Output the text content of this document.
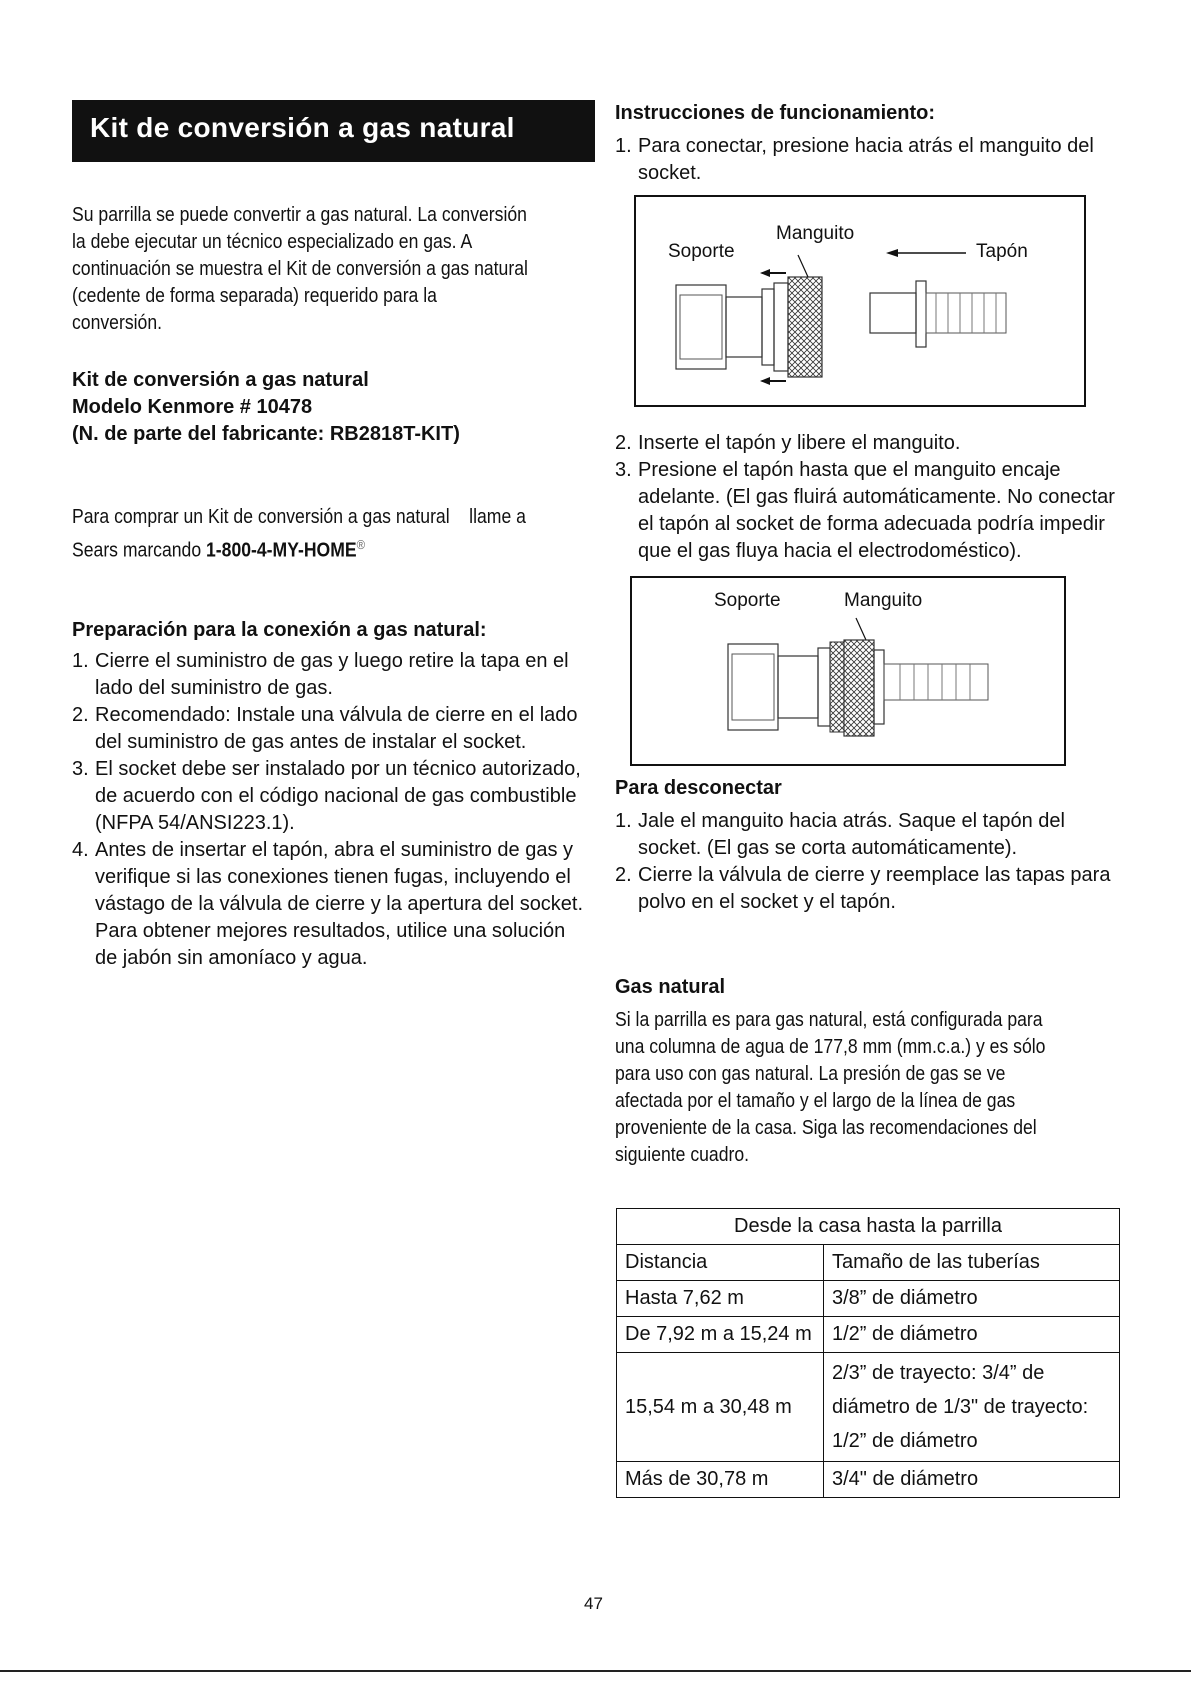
Kit de conversión a gas natural
Su parrilla se puede convertir a gas natural. La conversión la debe ejecutar un técnico especializado en gas. A continuación se muestra el Kit de conversión a gas natural (cedente de forma separada) requerido para la conversión.
Kit de conversión a gas natural
Modelo Kenmore # 10478
(N. de parte del fabricante: RB2818T-KIT)
Para comprar un Kit de conversión a gas natural    llame a Sears marcando 1-800-4-MY-HOME®
Preparación para la conexión a gas natural:
1. Cierre el suministro de gas y luego retire la tapa en el lado del suministro de gas.
2. Recomendado: Instale una válvula de cierre en el lado del suministro de gas antes de instalar el socket.
3. El socket debe ser instalado por un técnico autorizado, de acuerdo con el código nacional de gas combustible (NFPA 54/ANSI223.1).
4. Antes de insertar el tapón, abra el suministro de gas y verifique si las conexiones tienen fugas, incluyendo el vástago de la válvula de cierre y la apertura del socket. Para obtener mejores resultados, utilice una solución de jabón sin amoníaco y agua.
Instrucciones de funcionamiento:
1. Para conectar, presione hacia atrás el manguito del socket.
Soporte
Manguito
Tapón
2. Inserte el tapón y libere el manguito.
3. Presione el tapón hasta que el manguito encaje adelante. (El gas fluirá automáticamente. No conectar el tapón al socket de forma adecuada podría impedir que el gas fluya hacia el electrodoméstico).
Soporte	Manguito
Para desconectar
1. Jale el manguito hacia atrás. Saque el tapón del socket. (El gas se corta automáticamente).
2. Cierre la válvula de cierre y reemplace las tapas para polvo en el socket y el tapón.
Gas natural
Si la parrilla es para gas natural, está configurada para una columna de agua de 177,8 mm (mm.c.a.) y es sólo para uso con gas natural. La presión de gas se ve afectada por el tamaño y el largo de la línea de gas proveniente de la casa. Siga las recomendaciones del siguiente cuadro.
Desde la casa hasta la parrilla	
Distancia	Tamaño de las tuberías
Hasta 7,62 m	3/8” de diámetro
De 7,92 m a 15,24 m	1/2” de diámetro
15,54 m a 30,48 m	2/3” de trayecto: 3/4” de diámetro de 1/3" de trayecto: 1/2” de diámetro
Más de 30,78 m	3/4" de diámetro
47
